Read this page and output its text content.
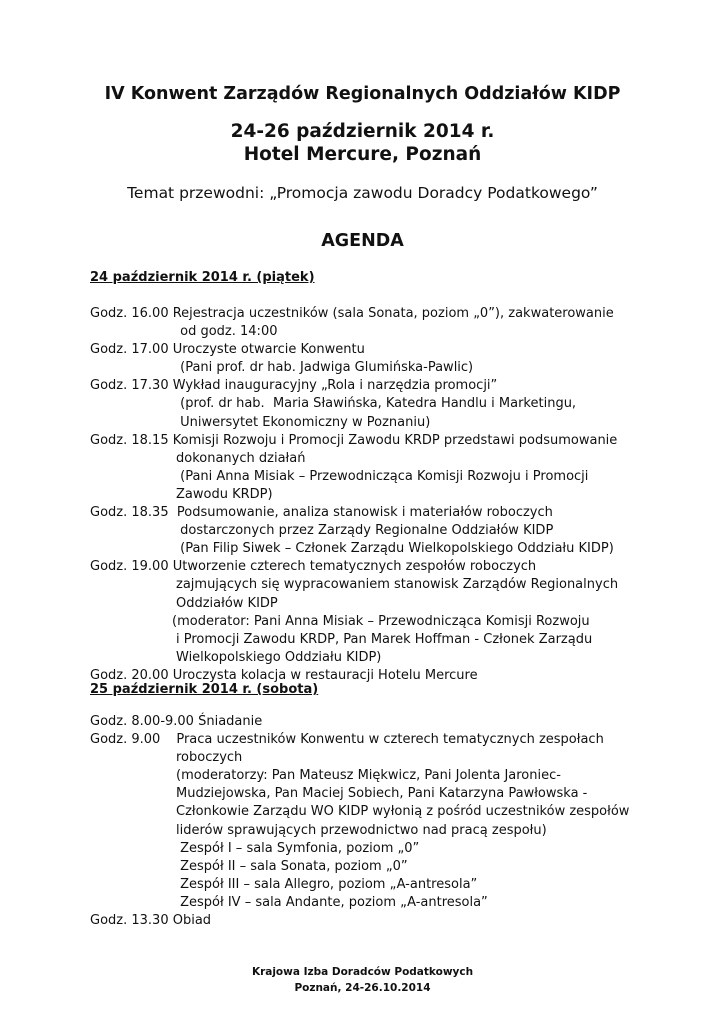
IV Konwent Zarządów Regionalnych Oddziałów KIDP
24-26 październik 2014 r.
Hotel Mercure, Poznań
Temat przewodni: „Promocja zawodu Doradcy Podatkowego”
AGENDA
24 październik 2014 r. (piątek)
Godz. 16.00 Rejestracja uczestników (sala Sonata, poziom „0”), zakwaterowanie
od godz. 14:00
Godz. 17.00 Uroczyste otwarcie Konwentu
(Pani prof. dr hab. Jadwiga Glumińska-Pawlic)
Godz. 17.30 Wykład inauguracyjny „Rola i narzędzia promocji”
(prof. dr hab.  Maria Sławińska, Katedra Handlu i Marketingu,
Uniwersytet Ekonomiczny w Poznaniu)
Godz. 18.15 Komisji Rozwoju i Promocji Zawodu KRDP przedstawi podsumowanie
dokonanych działań
(Pani Anna Misiak – Przewodnicząca Komisji Rozwoju i Promocji
Zawodu KRDP)
Godz. 18.35  Podsumowanie, analiza stanowisk i materiałów roboczych
dostarczonych przez Zarządy Regionalne Oddziałów KIDP
(Pan Filip Siwek – Członek Zarządu Wielkopolskiego Oddziału KIDP)
Godz. 19.00 Utworzenie czterech tematycznych zespołów roboczych
zajmujących się wypracowaniem stanowisk Zarządów Regionalnych
Oddziałów KIDP
(moderator: Pani Anna Misiak – Przewodnicząca Komisji Rozwoju
i Promocji Zawodu KRDP, Pan Marek Hoffman - Członek Zarządu
Wielkopolskiego Oddziału KIDP)
Godz. 20.00 Uroczysta kolacja w restauracji Hotelu Mercure
25 październik 2014 r. (sobota)
Godz. 8.00-9.00 Śniadanie
Godz. 9.00 Praca uczestników Konwentu w czterech tematycznych zespołach
roboczych
(moderatorzy: Pan Mateusz Miękwicz, Pani Jolenta Jaroniec-
Mudziejowska, Pan Maciej Sobiech, Pani Katarzyna Pawłowska -
Członkowie Zarządu WO KIDP wyłonią z pośród uczestników zespołów
liderów sprawujących przewodnictwo nad pracą zespołu)
Zespół I – sala Symfonia, poziom „0”
Zespół II – sala Sonata, poziom „0”
Zespół III – sala Allegro, poziom „A-antresola”
Zespół IV – sala Andante, poziom „A-antresola”
Godz. 13.30 Obiad
Krajowa Izba Doradców Podatkowych
Poznań, 24-26.10.2014
